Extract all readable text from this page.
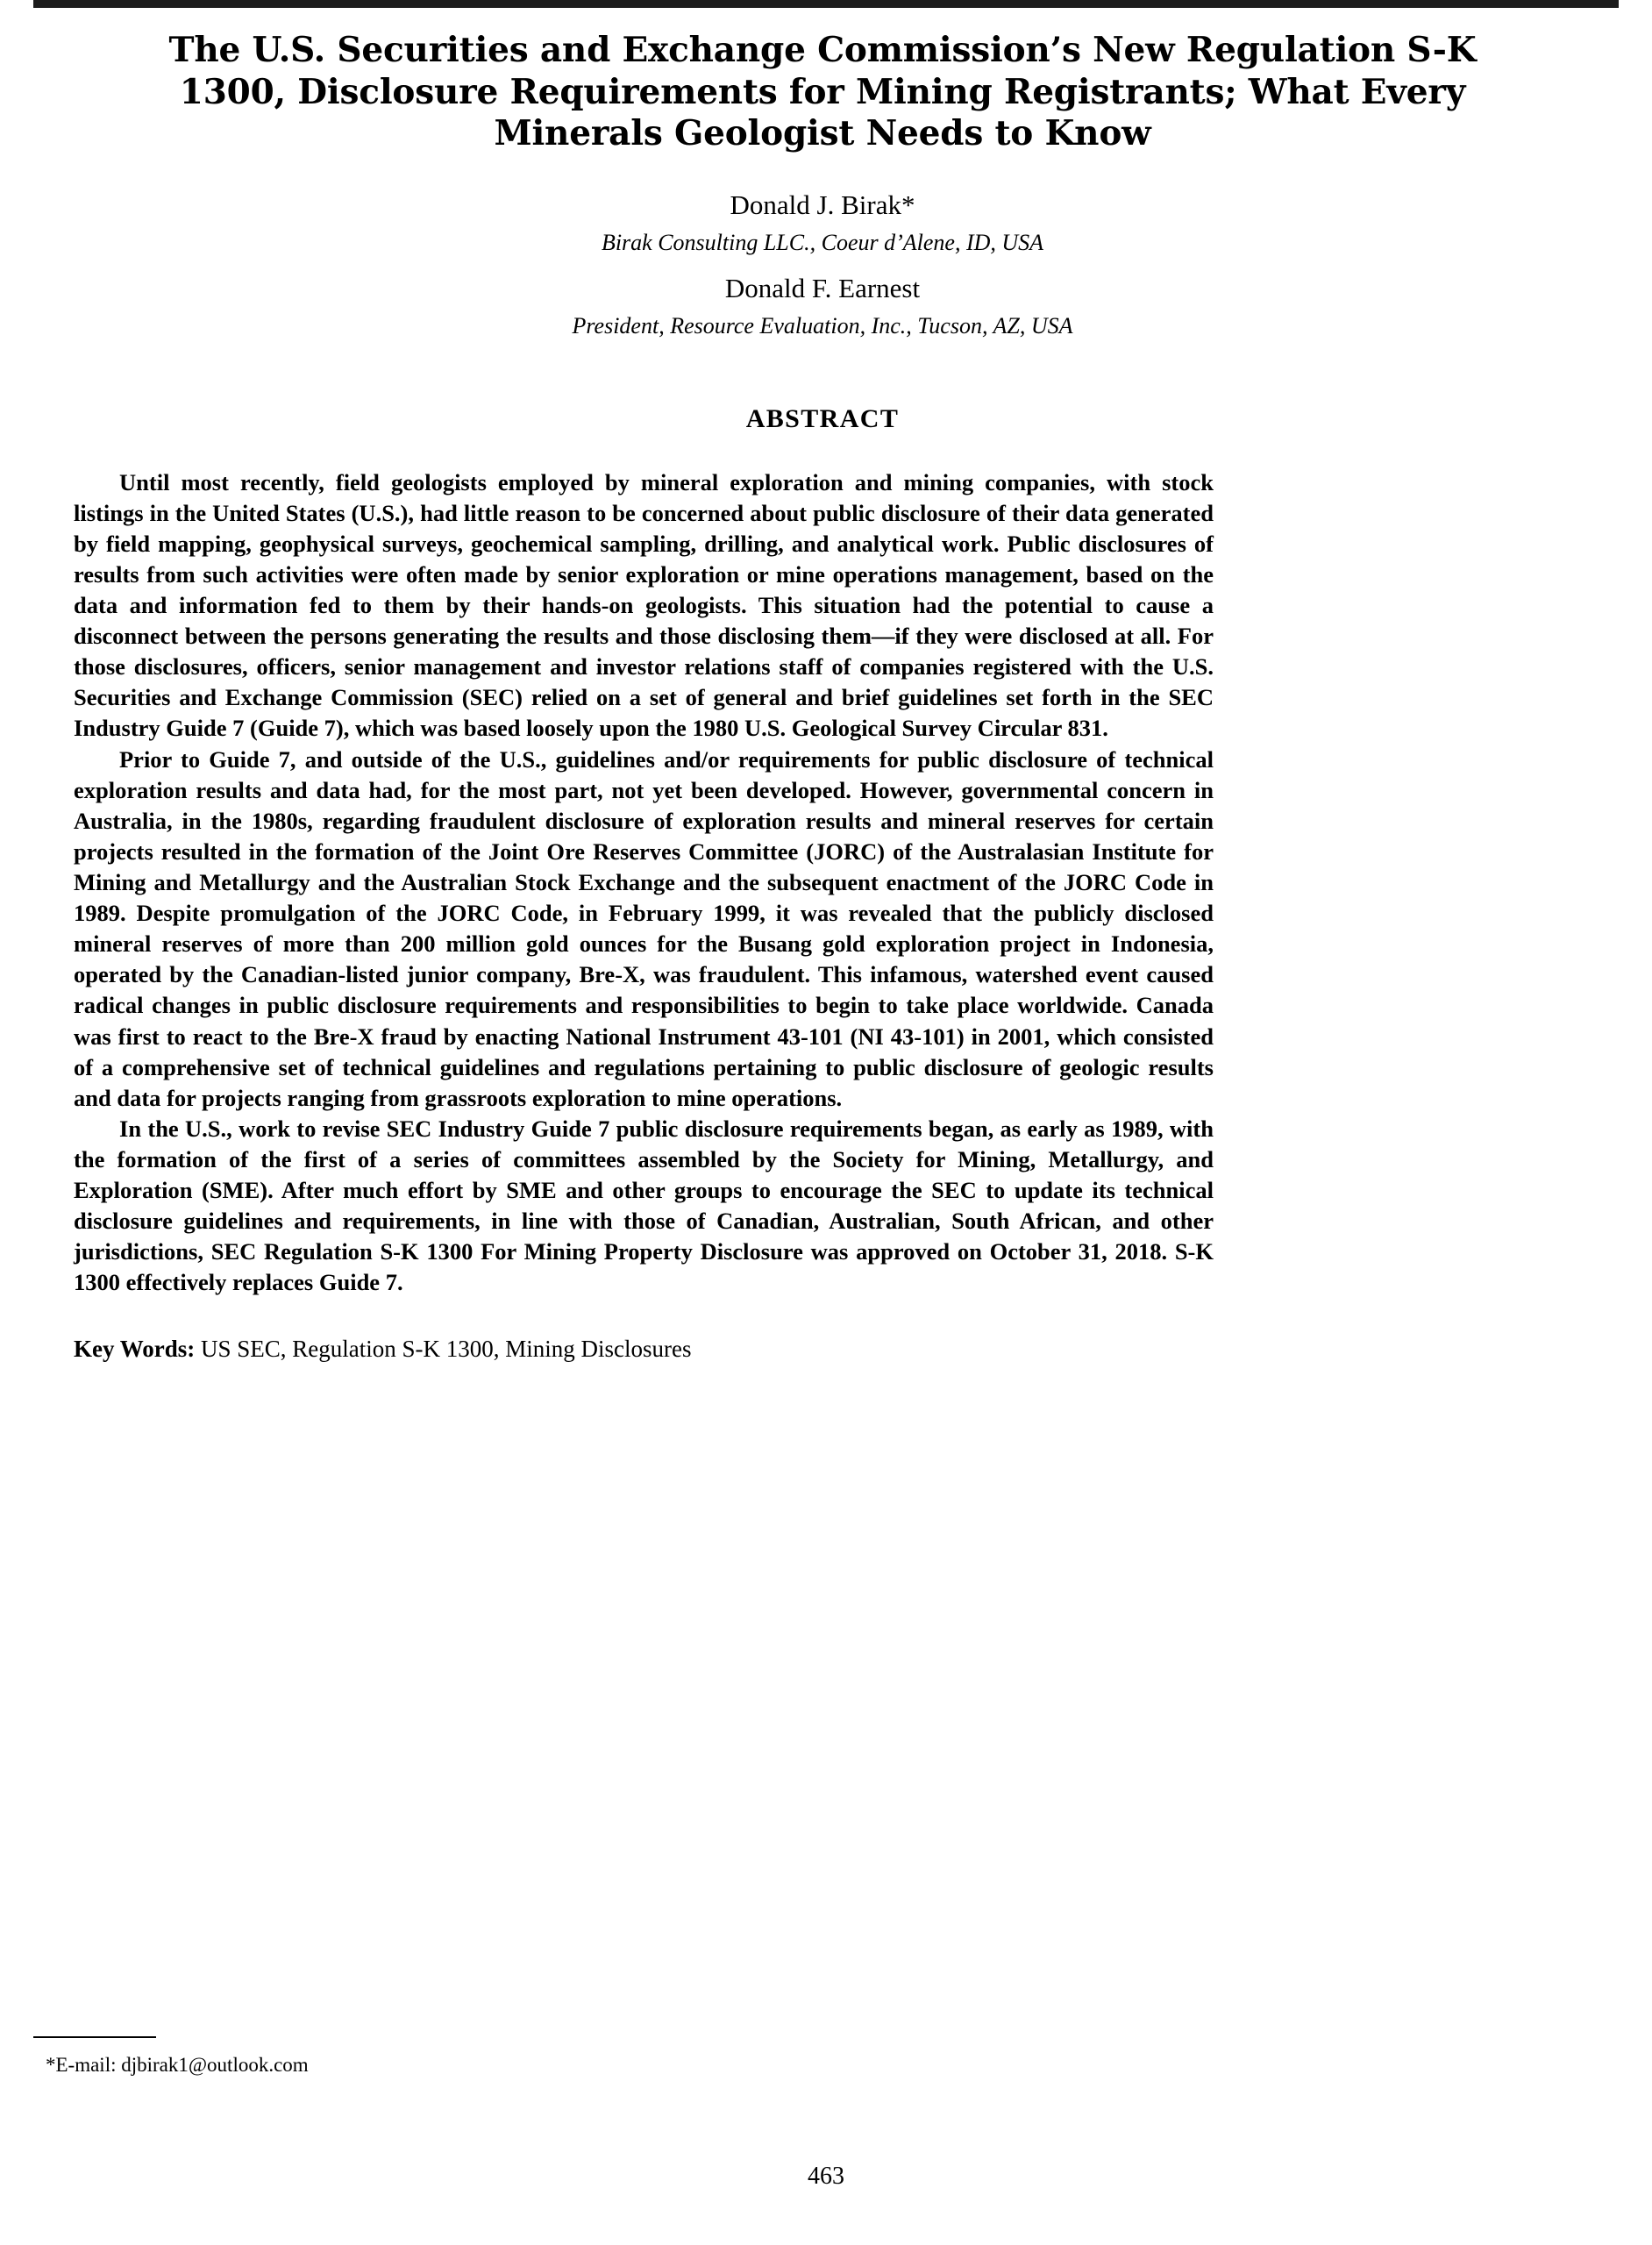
The U.S. Securities and Exchange Commission’s New Regulation S-K 1300, Disclosure Requirements for Mining Registrants; What Every Minerals Geologist Needs to Know
Donald J. Birak*
Birak Consulting LLC., Coeur d’Alene, ID, USA
Donald F. Earnest
President, Resource Evaluation, Inc., Tucson, AZ, USA
ABSTRACT

Until most recently, field geologists employed by mineral exploration and mining companies, with stock listings in the United States (U.S.), had little reason to be concerned about public disclosure of their data generated by field mapping, geophysical surveys, geochemical sampling, drilling, and analytical work. Public disclosures of results from such activities were often made by senior exploration or mine operations management, based on the data and information fed to them by their hands-on geologists. This situation had the potential to cause a disconnect between the persons generating the results and those disclosing them—if they were disclosed at all. For those disclosures, officers, senior management and investor relations staff of companies registered with the U.S. Securities and Exchange Commission (SEC) relied on a set of general and brief guidelines set forth in the SEC Industry Guide 7 (Guide 7), which was based loosely upon the 1980 U.S. Geological Survey Circular 831.

Prior to Guide 7, and outside of the U.S., guidelines and/or requirements for public disclosure of technical exploration results and data had, for the most part, not yet been developed. However, governmental concern in Australia, in the 1980s, regarding fraudulent disclosure of exploration results and mineral reserves for certain projects resulted in the formation of the Joint Ore Reserves Committee (JORC) of the Australasian Institute for Mining and Metallurgy and the Australian Stock Exchange and the subsequent enactment of the JORC Code in 1989. Despite promulgation of the JORC Code, in February 1999, it was revealed that the publicly disclosed mineral reserves of more than 200 million gold ounces for the Busang gold exploration project in Indonesia, operated by the Canadian-listed junior company, Bre-X, was fraudulent. This infamous, watershed event caused radical changes in public disclosure requirements and responsibilities to begin to take place worldwide. Canada was first to react to the Bre-X fraud by enacting National Instrument 43-101 (NI 43-101) in 2001, which consisted of a comprehensive set of technical guidelines and regulations pertaining to public disclosure of geologic results and data for projects ranging from grassroots exploration to mine operations.

In the U.S., work to revise SEC Industry Guide 7 public disclosure requirements began, as early as 1989, with the formation of the first of a series of committees assembled by the Society for Mining, Metallurgy, and Exploration (SME). After much effort by SME and other groups to encourage the SEC to update its technical disclosure guidelines and requirements, in line with those of Canadian, Australian, South African, and other jurisdictions, SEC Regulation S-K 1300 For Mining Property Disclosure was approved on October 31, 2018. S-K 1300 effectively replaces Guide 7.

Key Words: US SEC, Regulation S-K 1300, Mining Disclosures
*E-mail: djbirak1@outlook.com
463
